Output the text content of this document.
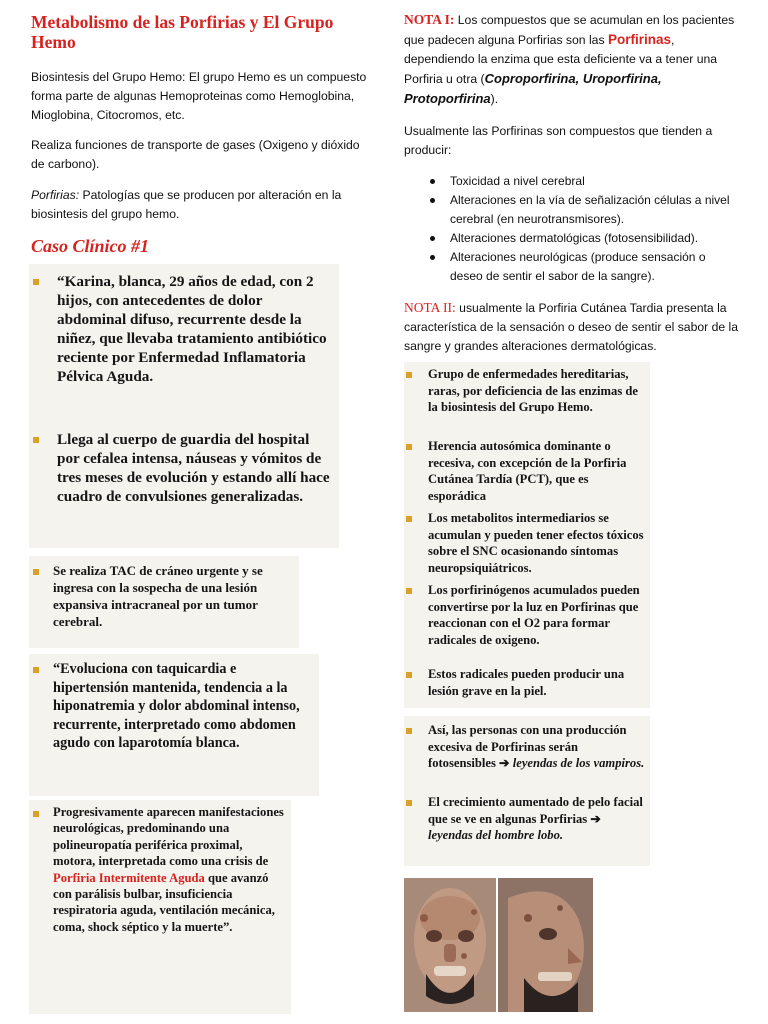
Metabolismo de las Porfirias y El Grupo Hemo
Biosintesis del Grupo Hemo: El grupo Hemo es un compuesto forma parte de algunas Hemoproteinas como Hemoglobina, Mioglobina, Citocromos, etc.
Realiza funciones de transporte de gases (Oxigeno y dióxido de carbono).
Porfirias: Patologías que se producen por alteración en la biosintesis del grupo hemo.
Caso Clínico #1
“Karina, blanca, 29 años de edad, con 2 hijos, con antecedentes de dolor abdominal difuso, recurrente desde la niñez, que llevaba tratamiento antibiótico reciente por Enfermedad Inflamatoria Pélvica Aguda.
Llega al cuerpo de guardia del hospital por cefalea intensa, náuseas y vómitos de tres meses de evolución y estando allí hace cuadro de convulsiones generalizadas.
Se realiza TAC de cráneo urgente y se ingresa con la sospecha de una lesión expansiva intracraneal por un tumor cerebral.
“Evoluciona con taquicardia e hipertensión mantenida, tendencia a la hiponatremia y dolor abdominal intenso, recurrente, interpretado como abdomen agudo con laparotomía blanca.
Progresivamente aparecen manifestaciones neurológicas, predominando una polineuropatía periférica proximal, motora, interpretada como una crisis de Porfiria Intermitente Aguda que avanzó con parálisis bulbar, insuficiencia respiratoria aguda, ventilación mecánica, coma, shock séptico y la muerte”.
NOTA I: Los compuestos que se acumulan en los pacientes que padecen alguna Porfirias son las Porfirinas, dependiendo la enzima que esta deficiente va a tener una Porfiria u otra (Coproporfirina, Uroporfirina, Protoporfirina).
Usualmente las Porfirinas son compuestos que tienden a producir:
Toxicidad a nivel cerebral
Alteraciones en la vía de señalización células a nivel cerebral (en neurotransmisores).
Alteraciones dermatológicas (fotosensibilidad).
Alteraciones neurológicas (produce sensación o deseo de sentir el sabor de la sangre).
NOTA II: usualmente la Porfiria Cutánea Tardia presenta la característica de la sensación o deseo de sentir el sabor de la sangre y grandes alteraciones dermatológicas.
Grupo de enfermedades hereditarias, raras, por deficiencia de las enzimas de la biosintesis del Grupo Hemo.
Herencia autosómica dominante o recesiva, con excepción de la Porfiria Cutánea Tardía (PCT), que es esporádica
Los metabolitos intermediarios se acumulan y pueden tener efectos tóxicos sobre el SNC ocasionando síntomas neuropsiquiátricos.
Los porfirinógenos acumulados pueden convertirse por la luz en Porfirinas que reaccionan con el O2 para formar radicales de oxigeno.
Estos radicales pueden producir una lesión grave en la piel.
Así, las personas con una producción excesiva de Porfirinas serán fotosensibles ➔ leyendas de los vampiros.
El crecimiento aumentado de pelo facial que se ve en algunas Porfirias ➔ leyendas del hombre lobo.
